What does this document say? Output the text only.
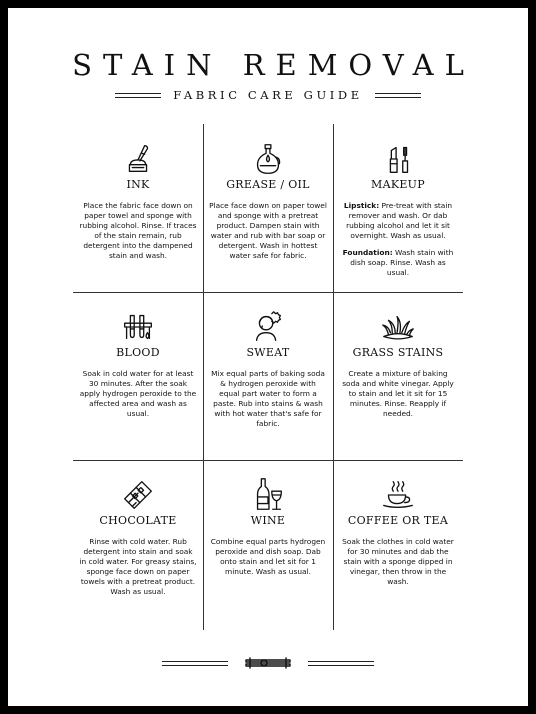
STAIN REMOVAL
FABRIC CARE GUIDE
INK

Place the fabric face down on paper towel and sponge with rubbing alcohol. Rinse. If traces of the stain remain, rub detergent into the dampened stain and wash.

GREASE / OIL

Place face down on paper towel and sponge with a pretreat product. Dampen stain with water and rub with bar soap or detergent. Wash in hottest water safe for fabric.

MAKEUP

Lipstick: Pre-treat with stain remover and wash. Or dab rubbing alcohol and let it sit overnight. Wash as usual.

Foundation: Wash stain with dish soap. Rinse. Wash as usual.

BLOOD

Soak in cold water for at least 30 minutes. After the soak apply hydrogen peroxide to the affected area and wash as usual.

SWEAT

Mix equal parts of baking soda & hydrogen peroxide with equal part water to form a paste. Rub into stains & wash with hot water that's safe for fabric.

GRASS STAINS

Create a mixture of baking soda and white vinegar. Apply to stain and let it sit for 15 minutes. Rinse. Reapply if needed.

CHOCOLATE

Rinse with cold water. Rub detergent into stain and soak in cold water. For greasy stains, sponge face down on paper towels with a pretreat product. Wash as usual.

WINE

Combine equal parts hydrogen peroxide and dish soap. Dab onto stain and let sit for 1 minute. Wash as usual.

COFFEE OR TEA

Soak the clothes in cold water for 30 minutes and dab the stain with a sponge dipped in vinegar, then throw in the wash.
